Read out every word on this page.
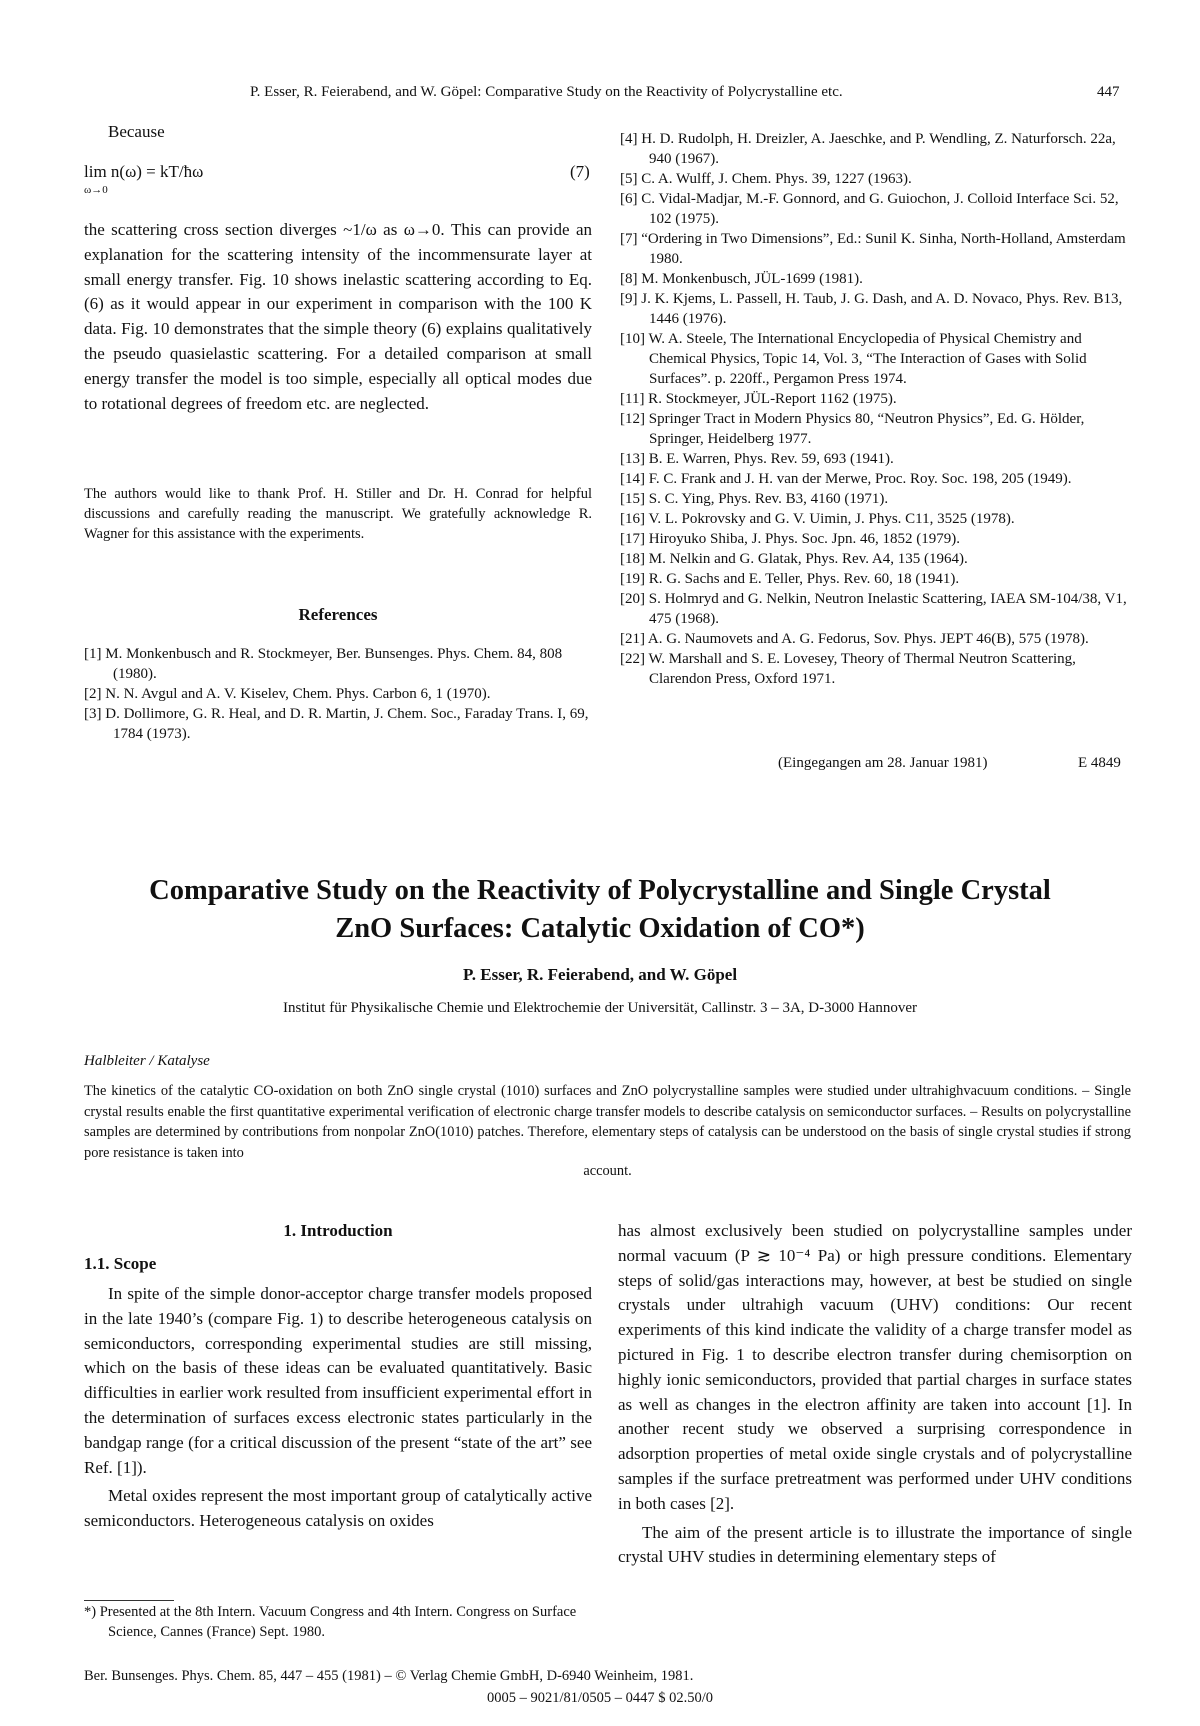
P. Esser, R. Feierabend, and W. Göpel: Comparative Study on the Reactivity of Polycrystalline etc.	447
Because
lim n(ω) = kT/ħω
ω→0
(7)
the scattering cross section diverges ~1/ω as ω→0. This can provide an explanation for the scattering intensity of the incommensurate layer at small energy transfer. Fig. 10 shows inelastic scattering according to Eq. (6) as it would appear in our experiment in comparison with the 100 K data. Fig. 10 demonstrates that the simple theory (6) explains qualitatively the pseudo quasielastic scattering. For a detailed comparison at small energy transfer the model is too simple, especially all optical modes due to rotational degrees of freedom etc. are neglected.
The authors would like to thank Prof. H. Stiller and Dr. H. Conrad for helpful discussions and carefully reading the manuscript. We gratefully acknowledge R. Wagner for this assistance with the experiments.
References
[1] M. Monkenbusch and R. Stockmeyer, Ber. Bunsenges. Phys. Chem. 84, 808 (1980).
[2] N. N. Avgul and A. V. Kiselev, Chem. Phys. Carbon 6, 1 (1970).
[3] D. Dollimore, G. R. Heal, and D. R. Martin, J. Chem. Soc., Faraday Trans. I, 69, 1784 (1973).
[4] H. D. Rudolph, H. Dreizler, A. Jaeschke, and P. Wendling, Z. Naturforsch. 22a, 940 (1967).
[5] C. A. Wulff, J. Chem. Phys. 39, 1227 (1963).
[6] C. Vidal-Madjar, M.-F. Gonnord, and G. Guiochon, J. Colloid Interface Sci. 52, 102 (1975).
[7] “Ordering in Two Dimensions”, Ed.: Sunil K. Sinha, North-Holland, Amsterdam 1980.
[8] M. Monkenbusch, JÜL-1699 (1981).
[9] J. K. Kjems, L. Passell, H. Taub, J. G. Dash, and A. D. Novaco, Phys. Rev. B13, 1446 (1976).
[10] W. A. Steele, The International Encyclopedia of Physical Chemistry and Chemical Physics, Topic 14, Vol. 3, “The Interaction of Gases with Solid Surfaces”. p. 220ff., Pergamon Press 1974.
[11] R. Stockmeyer, JÜL-Report 1162 (1975).
[12] Springer Tract in Modern Physics 80, “Neutron Physics”, Ed. G. Hölder, Springer, Heidelberg 1977.
[13] B. E. Warren, Phys. Rev. 59, 693 (1941).
[14] F. C. Frank and J. H. van der Merwe, Proc. Roy. Soc. 198, 205 (1949).
[15] S. C. Ying, Phys. Rev. B3, 4160 (1971).
[16] V. L. Pokrovsky and G. V. Uimin, J. Phys. C11, 3525 (1978).
[17] Hiroyuko Shiba, J. Phys. Soc. Jpn. 46, 1852 (1979).
[18] M. Nelkin and G. Glatak, Phys. Rev. A4, 135 (1964).
[19] R. G. Sachs and E. Teller, Phys. Rev. 60, 18 (1941).
[20] S. Holmryd and G. Nelkin, Neutron Inelastic Scattering, IAEA SM-104/38, V1, 475 (1968).
[21] A. G. Naumovets and A. G. Fedorus, Sov. Phys. JEPT 46(B), 575 (1978).
[22] W. Marshall and S. E. Lovesey, Theory of Thermal Neutron Scattering, Clarendon Press, Oxford 1971.
(Eingegangen am 28. Januar 1981)	E 4849
Comparative Study on the Reactivity of Polycrystalline and Single Crystal ZnO Surfaces: Catalytic Oxidation of CO*)
P. Esser, R. Feierabend, and W. Göpel
Institut für Physikalische Chemie und Elektrochemie der Universität, Callinstr. 3 – 3A, D-3000 Hannover
Halbleiter / Katalyse
The kinetics of the catalytic CO-oxidation on both ZnO single crystal (1010) surfaces and ZnO polycrystalline samples were studied under ultrahighvacuum conditions. – Single crystal results enable the first quantitative experimental verification of electronic charge transfer models to describe catalysis on semiconductor surfaces. – Results on polycrystalline samples are determined by contributions from nonpolar ZnO(1010) patches. Therefore, elementary steps of catalysis can be understood on the basis of single crystal studies if strong pore resistance is taken into
account.
1. Introduction
1.1. Scope

In spite of the simple donor-acceptor charge transfer models proposed in the late 1940’s (compare Fig. 1) to describe heterogeneous catalysis on semiconductors, corresponding experimental studies are still missing, which on the basis of these ideas can be evaluated quantitatively. Basic difficulties in earlier work resulted from insufficient experimental effort in the determination of surfaces excess electronic states particularly in the bandgap range (for a critical discussion of the present “state of the art” see Ref. [1]).

Metal oxides represent the most important group of catalytically active semiconductors. Heterogeneous catalysis on oxides

has almost exclusively been studied on polycrystalline samples under normal vacuum (P ≳ 10⁻⁴ Pa) or high pressure conditions. Elementary steps of solid/gas interactions may, however, at best be studied on single crystals under ultrahigh vacuum (UHV) conditions: Our recent experiments of this kind indicate the validity of a charge transfer model as pictured in Fig. 1 to describe electron transfer during chemisorption on highly ionic semiconductors, provided that partial charges in surface states as well as changes in the electron affinity are taken into account [1]. In another recent study we observed a surprising correspondence in adsorption properties of metal oxide single crystals and of polycrystalline samples if the surface pretreatment was performed under UHV conditions in both cases [2].

The aim of the present article is to illustrate the importance of single crystal UHV studies in determining elementary steps of

*) Presented at the 8th Intern. Vacuum Congress and 4th Intern. Congress on Surface Science, Cannes (France) Sept. 1980.
Ber. Bunsenges. Phys. Chem. 85, 447 – 455 (1981) – © Verlag Chemie GmbH, D-6940 Weinheim, 1981.
0005 – 9021/81/0505 – 0447 $ 02.50/0
